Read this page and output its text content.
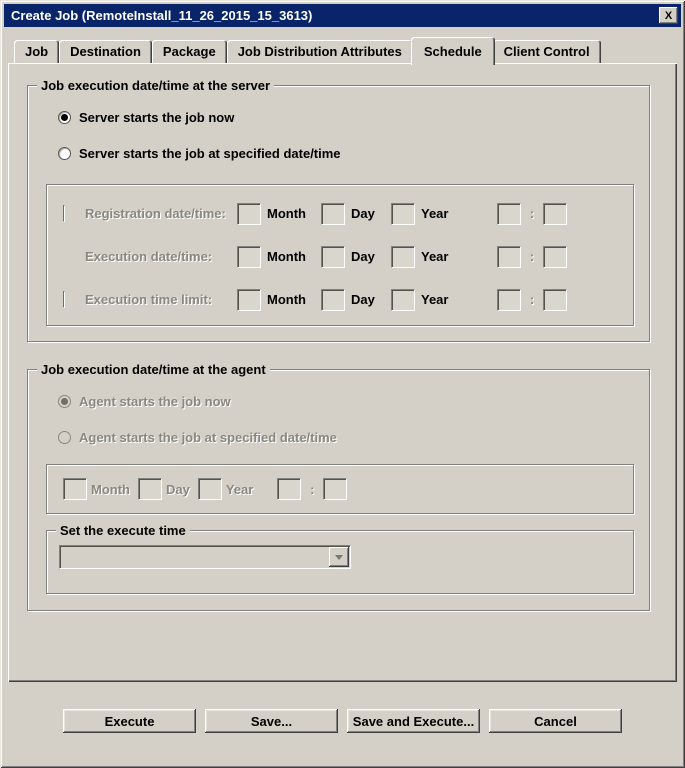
Create Job (RemoteInstall_11_26_2015_15_3613)	X
Job Destination Package Job Distribution Attributes Schedule Client Control
Job execution date/time at the server
Server starts the job now
Server starts the job at specified date/time
Registration date/time:	Month	Day	Year	:
Execution date/time:	Month	Day	Year	:
Execution time limit:	Month	Day	Year	:
Job execution date/time at the agent
Agent starts the job now
Agent starts the job at specified date/time
Month	Day	Year	:
Set the execute time
Execute	Save...	Save and Execute...	Cancel
